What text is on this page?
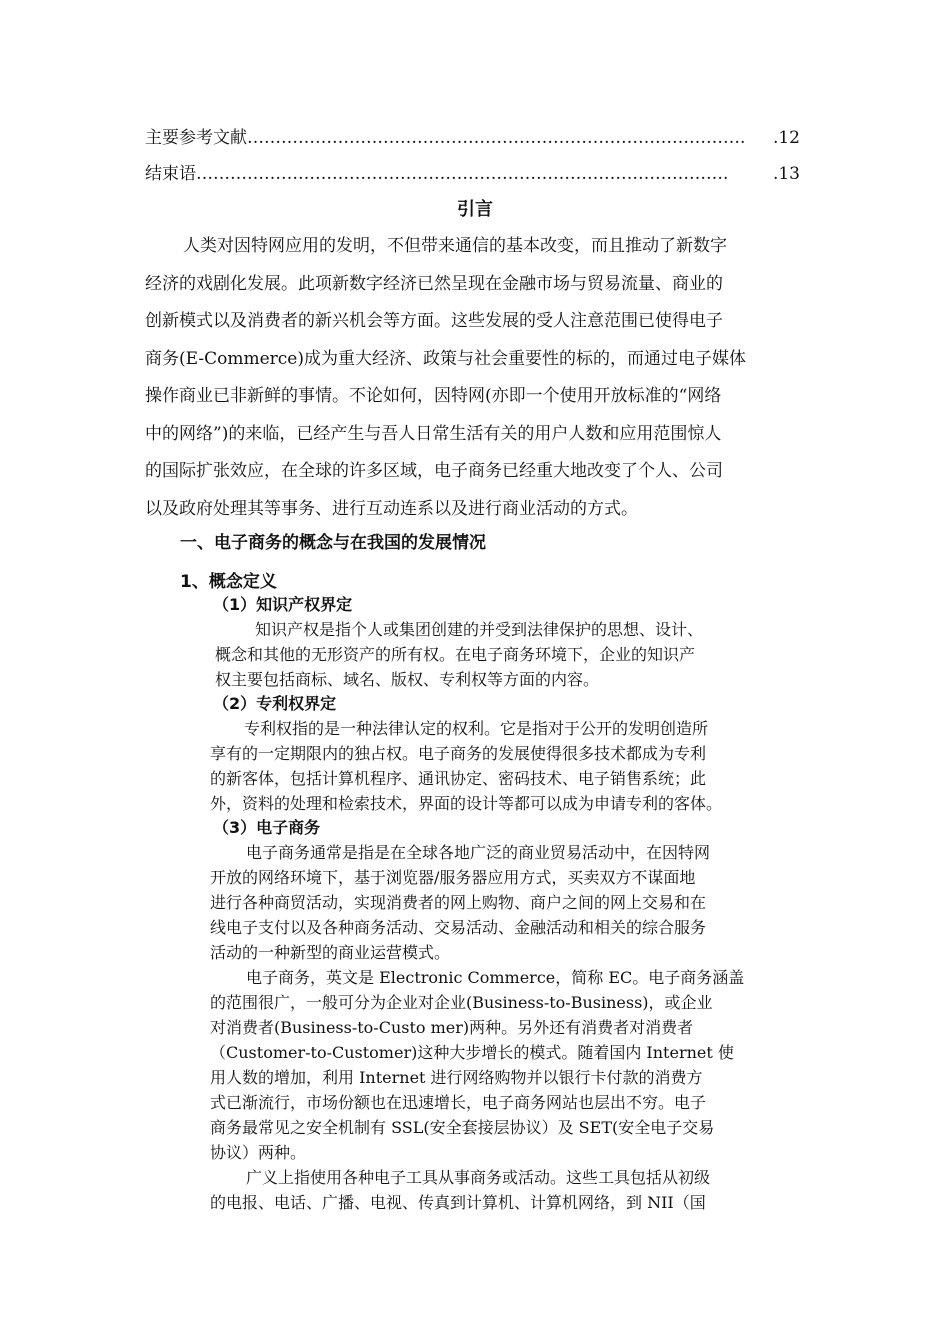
主要参考文献……………………………………………………………………………. .12
结束语………………………………………………………………………………….	.13
引言
人类对因特网应用的发明，不但带来通信的基本改变，而且推动了新数字
经济的戏剧化发展。此项新数字经济已然呈现在金融市场与贸易流量、商业的
创新模式以及消费者的新兴机会等方面。这些发展的受人注意范围已使得电子
商务(E-Commerce)成为重大经济、政策与社会重要性的标的，而通过电子媒体
操作商业已非新鲜的事情。不论如何，因特网(亦即一个使用开放标准的“网络
中的网络”)的来临，已经产生与吾人日常生活有关的用户人数和应用范围惊人
的国际扩张效应，在全球的许多区域，电子商务已经重大地改变了个人、公司
以及政府处理其等事务、进行互动连系以及进行商业活动的方式。
一、电子商务的概念与在我国的发展情况
1、概念定义
（1）知识产权界定
知识产权是指个人或集团创建的并受到法律保护的思想、设计、
概念和其他的无形资产的所有权。在电子商务环境下，企业的知识产
权主要包括商标、域名、版权、专利权等方面的内容。
（2）专利权界定
专利权指的是一种法律认定的权利。它是指对于公开的发明创造所
享有的一定期限内的独占权。电子商务的发展使得很多技术都成为专利
的新客体，包括计算机程序、通讯协定、密码技术、电子销售系统；此
外，资料的处理和检索技术，界面的设计等都可以成为申请专利的客体。
（3）电子商务
电子商务通常是指是在全球各地广泛的商业贸易活动中，在因特网
开放的网络环境下，基于浏览器/服务器应用方式，买卖双方不谋面地
进行各种商贸活动，实现消费者的网上购物、商户之间的网上交易和在
线电子支付以及各种商务活动、交易活动、金融活动和相关的综合服务
活动的一种新型的商业运营模式。
电子商务，英文是 Electronic Commerce，简称 EC。电子商务涵盖
的范围很广，一般可分为企业对企业(Business-to-Business)，或企业
对消费者(Business-to-Custo mer)两种。另外还有消费者对消费者
（Customer-to-Customer)这种大步增长的模式。随着国内 Internet 使
用人数的增加，利用 Internet 进行网络购物并以银行卡付款的消费方
式已渐流行，市场份额也在迅速增长，电子商务网站也层出不穷。电子
商务最常见之安全机制有 SSL(安全套接层协议）及 SET(安全电子交易
协议）两种。
广义上指使用各种电子工具从事商务或活动。这些工具包括从初级
的电报、电话、广播、电视、传真到计算机、计算机网络，到 NII（国
